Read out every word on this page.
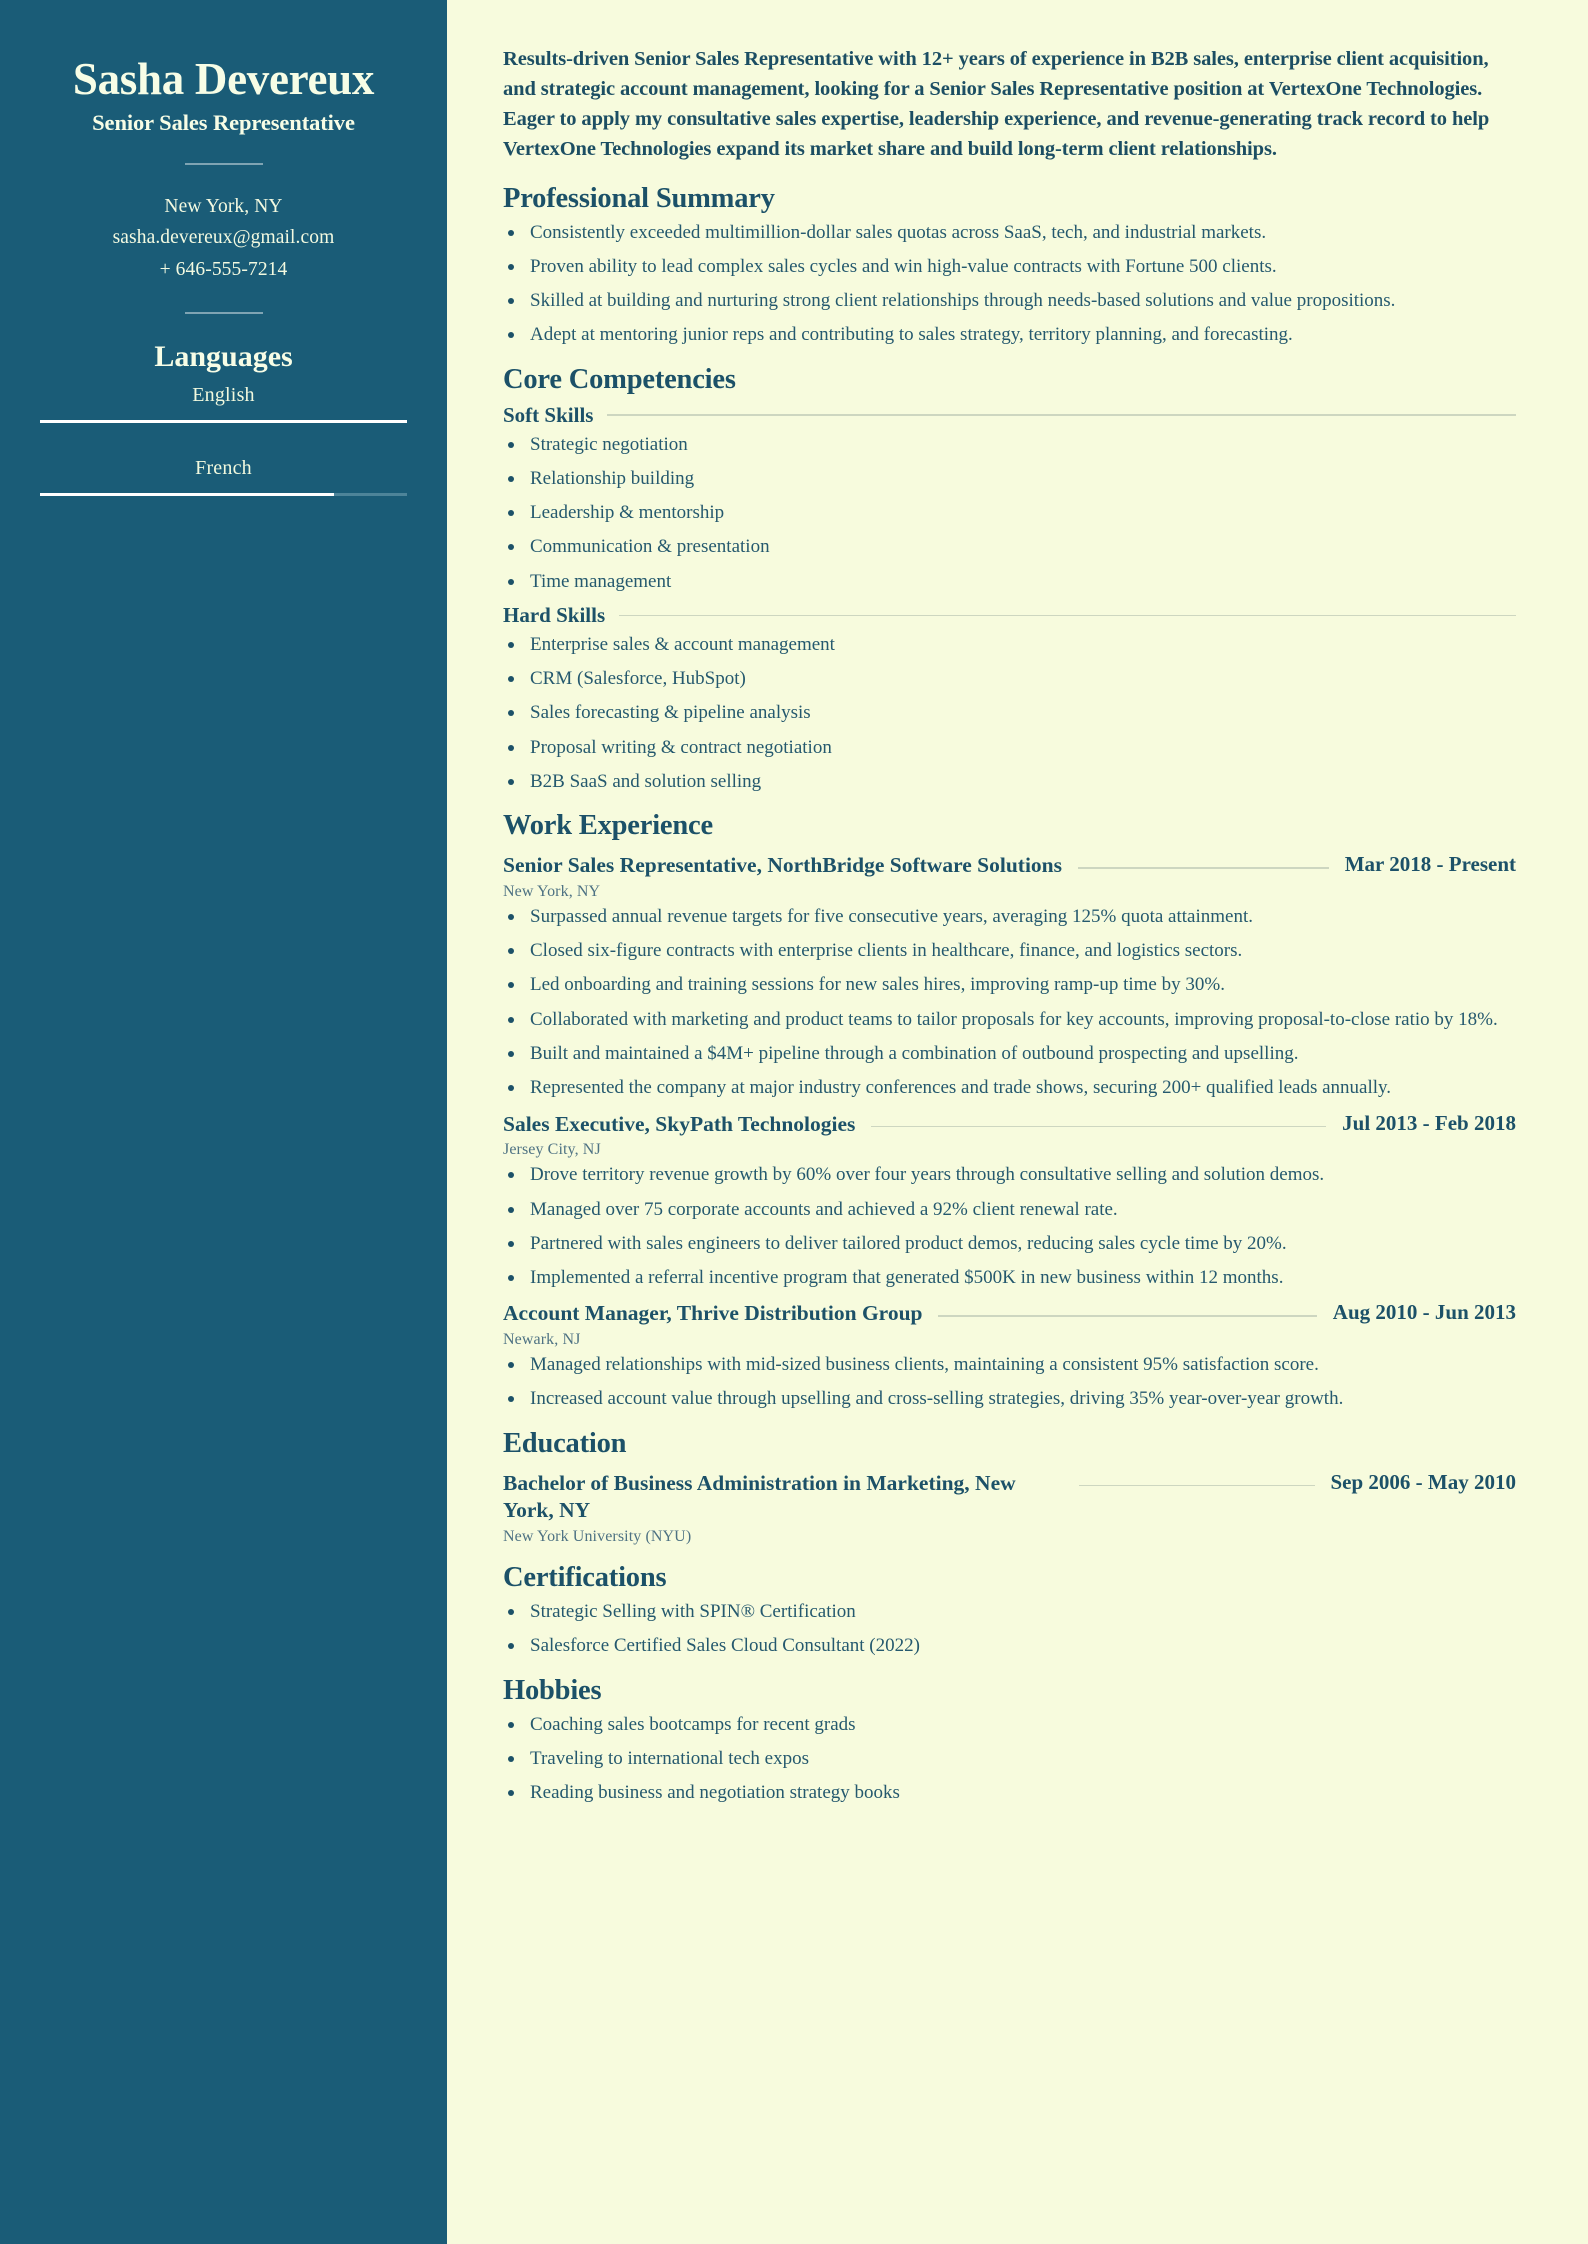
Sasha Devereux
Senior Sales Representative
New York, NY
sasha.devereux@gmail.com
+ 646-555-7214
Languages
English
French

Results-driven Senior Sales Representative with 12+ years of experience in B2B sales, enterprise client acquisition, and strategic account management, looking for a Senior Sales Representative position at VertexOne Technologies. Eager to apply my consultative sales expertise, leadership experience, and revenue-generating track record to help VertexOne Technologies expand its market share and build long-term client relationships.

Professional Summary
Consistently exceeded multimillion-dollar sales quotas across SaaS, tech, and industrial markets.
Proven ability to lead complex sales cycles and win high-value contracts with Fortune 500 clients.
Skilled at building and nurturing strong client relationships through needs-based solutions and value propositions.
Adept at mentoring junior reps and contributing to sales strategy, territory planning, and forecasting.
Core Competencies
Soft Skills
Strategic negotiation
Relationship building
Leadership & mentorship
Communication & presentation
Time management
Hard Skills
Enterprise sales & account management
CRM (Salesforce, HubSpot)
Sales forecasting & pipeline analysis
Proposal writing & contract negotiation
B2B SaaS and solution selling
Work Experience
Senior Sales Representative, NorthBridge Software Solutions	Mar 2018 - Present
New York, NY
Surpassed annual revenue targets for five consecutive years, averaging 125% quota attainment.
Closed six-figure contracts with enterprise clients in healthcare, finance, and logistics sectors.
Led onboarding and training sessions for new sales hires, improving ramp-up time by 30%.
Collaborated with marketing and product teams to tailor proposals for key accounts, improving proposal-to-close ratio by 18%.
Built and maintained a $4M+ pipeline through a combination of outbound prospecting and upselling.
Represented the company at major industry conferences and trade shows, securing 200+ qualified leads annually.
Sales Executive, SkyPath Technologies	Jul 2013 - Feb 2018
Jersey City, NJ
Drove territory revenue growth by 60% over four years through consultative selling and solution demos.
Managed over 75 corporate accounts and achieved a 92% client renewal rate.
Partnered with sales engineers to deliver tailored product demos, reducing sales cycle time by 20%.
Implemented a referral incentive program that generated $500K in new business within 12 months.
Account Manager, Thrive Distribution Group	Aug 2010 - Jun 2013
Newark, NJ
Managed relationships with mid-sized business clients, maintaining a consistent 95% satisfaction score.
Increased account value through upselling and cross-selling strategies, driving 35% year-over-year growth.
Education
Bachelor of Business Administration in Marketing, New York, NY
Sep 2006 - May 2010
New York University (NYU)
Certifications
Strategic Selling with SPIN® Certification
Salesforce Certified Sales Cloud Consultant (2022)
Hobbies
Coaching sales bootcamps for recent grads
Traveling to international tech expos
Reading business and negotiation strategy books
